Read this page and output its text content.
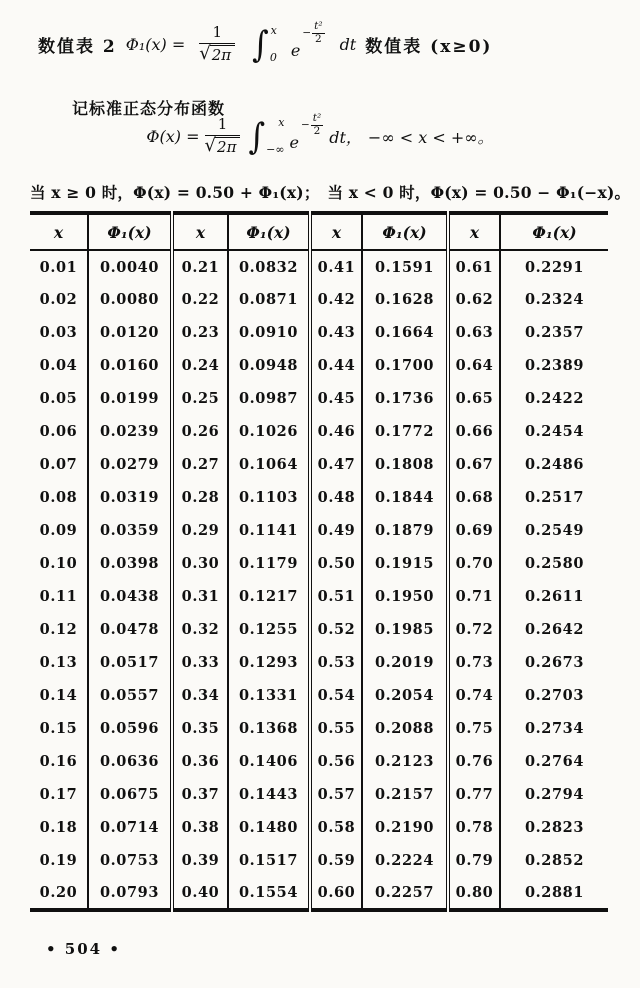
数值表 2 $\Phi_1(x) = \frac{1}{√ 2\pi}$ ∫ x
0 e
− $\frac{\text{t²}}{2}$ dt 数值表 (x≥0)
记标准正态分布函数
$\Phi(x) = \frac{1}{√ 2\pi}$ ∫ x
−∞ e
− $\frac{\text{t²}}{2}$
dt， −∞ < x < +∞。
当 x ≥ 0 时，Φ(x) = 0.50 + Φ₁(x)；　当 x < 0 时，Φ(x) = 0.50 − Φ₁(−x)。
x	Φ₁(x)	x	Φ₁(x)	x	Φ₁(x)	x	Φ₁(x)
0.01	0.0040	0.21	0.0832	0.41	0.1591	0.61	0.2291
0.02	0.0080	0.22	0.0871	0.42	0.1628	0.62	0.2324
0.03	0.0120	0.23	0.0910	0.43	0.1664	0.63	0.2357
0.04	0.0160	0.24	0.0948	0.44	0.1700	0.64	0.2389
0.05	0.0199	0.25	0.0987	0.45	0.1736	0.65	0.2422
0.06	0.0239	0.26	0.1026	0.46	0.1772	0.66	0.2454
0.07	0.0279	0.27	0.1064	0.47	0.1808	0.67	0.2486
0.08	0.0319	0.28	0.1103	0.48	0.1844	0.68	0.2517
0.09	0.0359	0.29	0.1141	0.49	0.1879	0.69	0.2549
0.10	0.0398	0.30	0.1179	0.50	0.1915	0.70	0.2580
0.11	0.0438	0.31	0.1217	0.51	0.1950	0.71	0.2611
0.12	0.0478	0.32	0.1255	0.52	0.1985	0.72	0.2642
0.13	0.0517	0.33	0.1293	0.53	0.2019	0.73	0.2673
0.14	0.0557	0.34	0.1331	0.54	0.2054	0.74	0.2703
0.15	0.0596	0.35	0.1368	0.55	0.2088	0.75	0.2734
0.16	0.0636	0.36	0.1406	0.56	0.2123	0.76	0.2764
0.17	0.0675	0.37	0.1443	0.57	0.2157	0.77	0.2794
0.18	0.0714	0.38	0.1480	0.58	0.2190	0.78	0.2823
0.19	0.0753	0.39	0.1517	0.59	0.2224	0.79	0.2852
0.20	0.0793	0.40	0.1554	0.60	0.2257	0.80	0.2881
• 504 •
